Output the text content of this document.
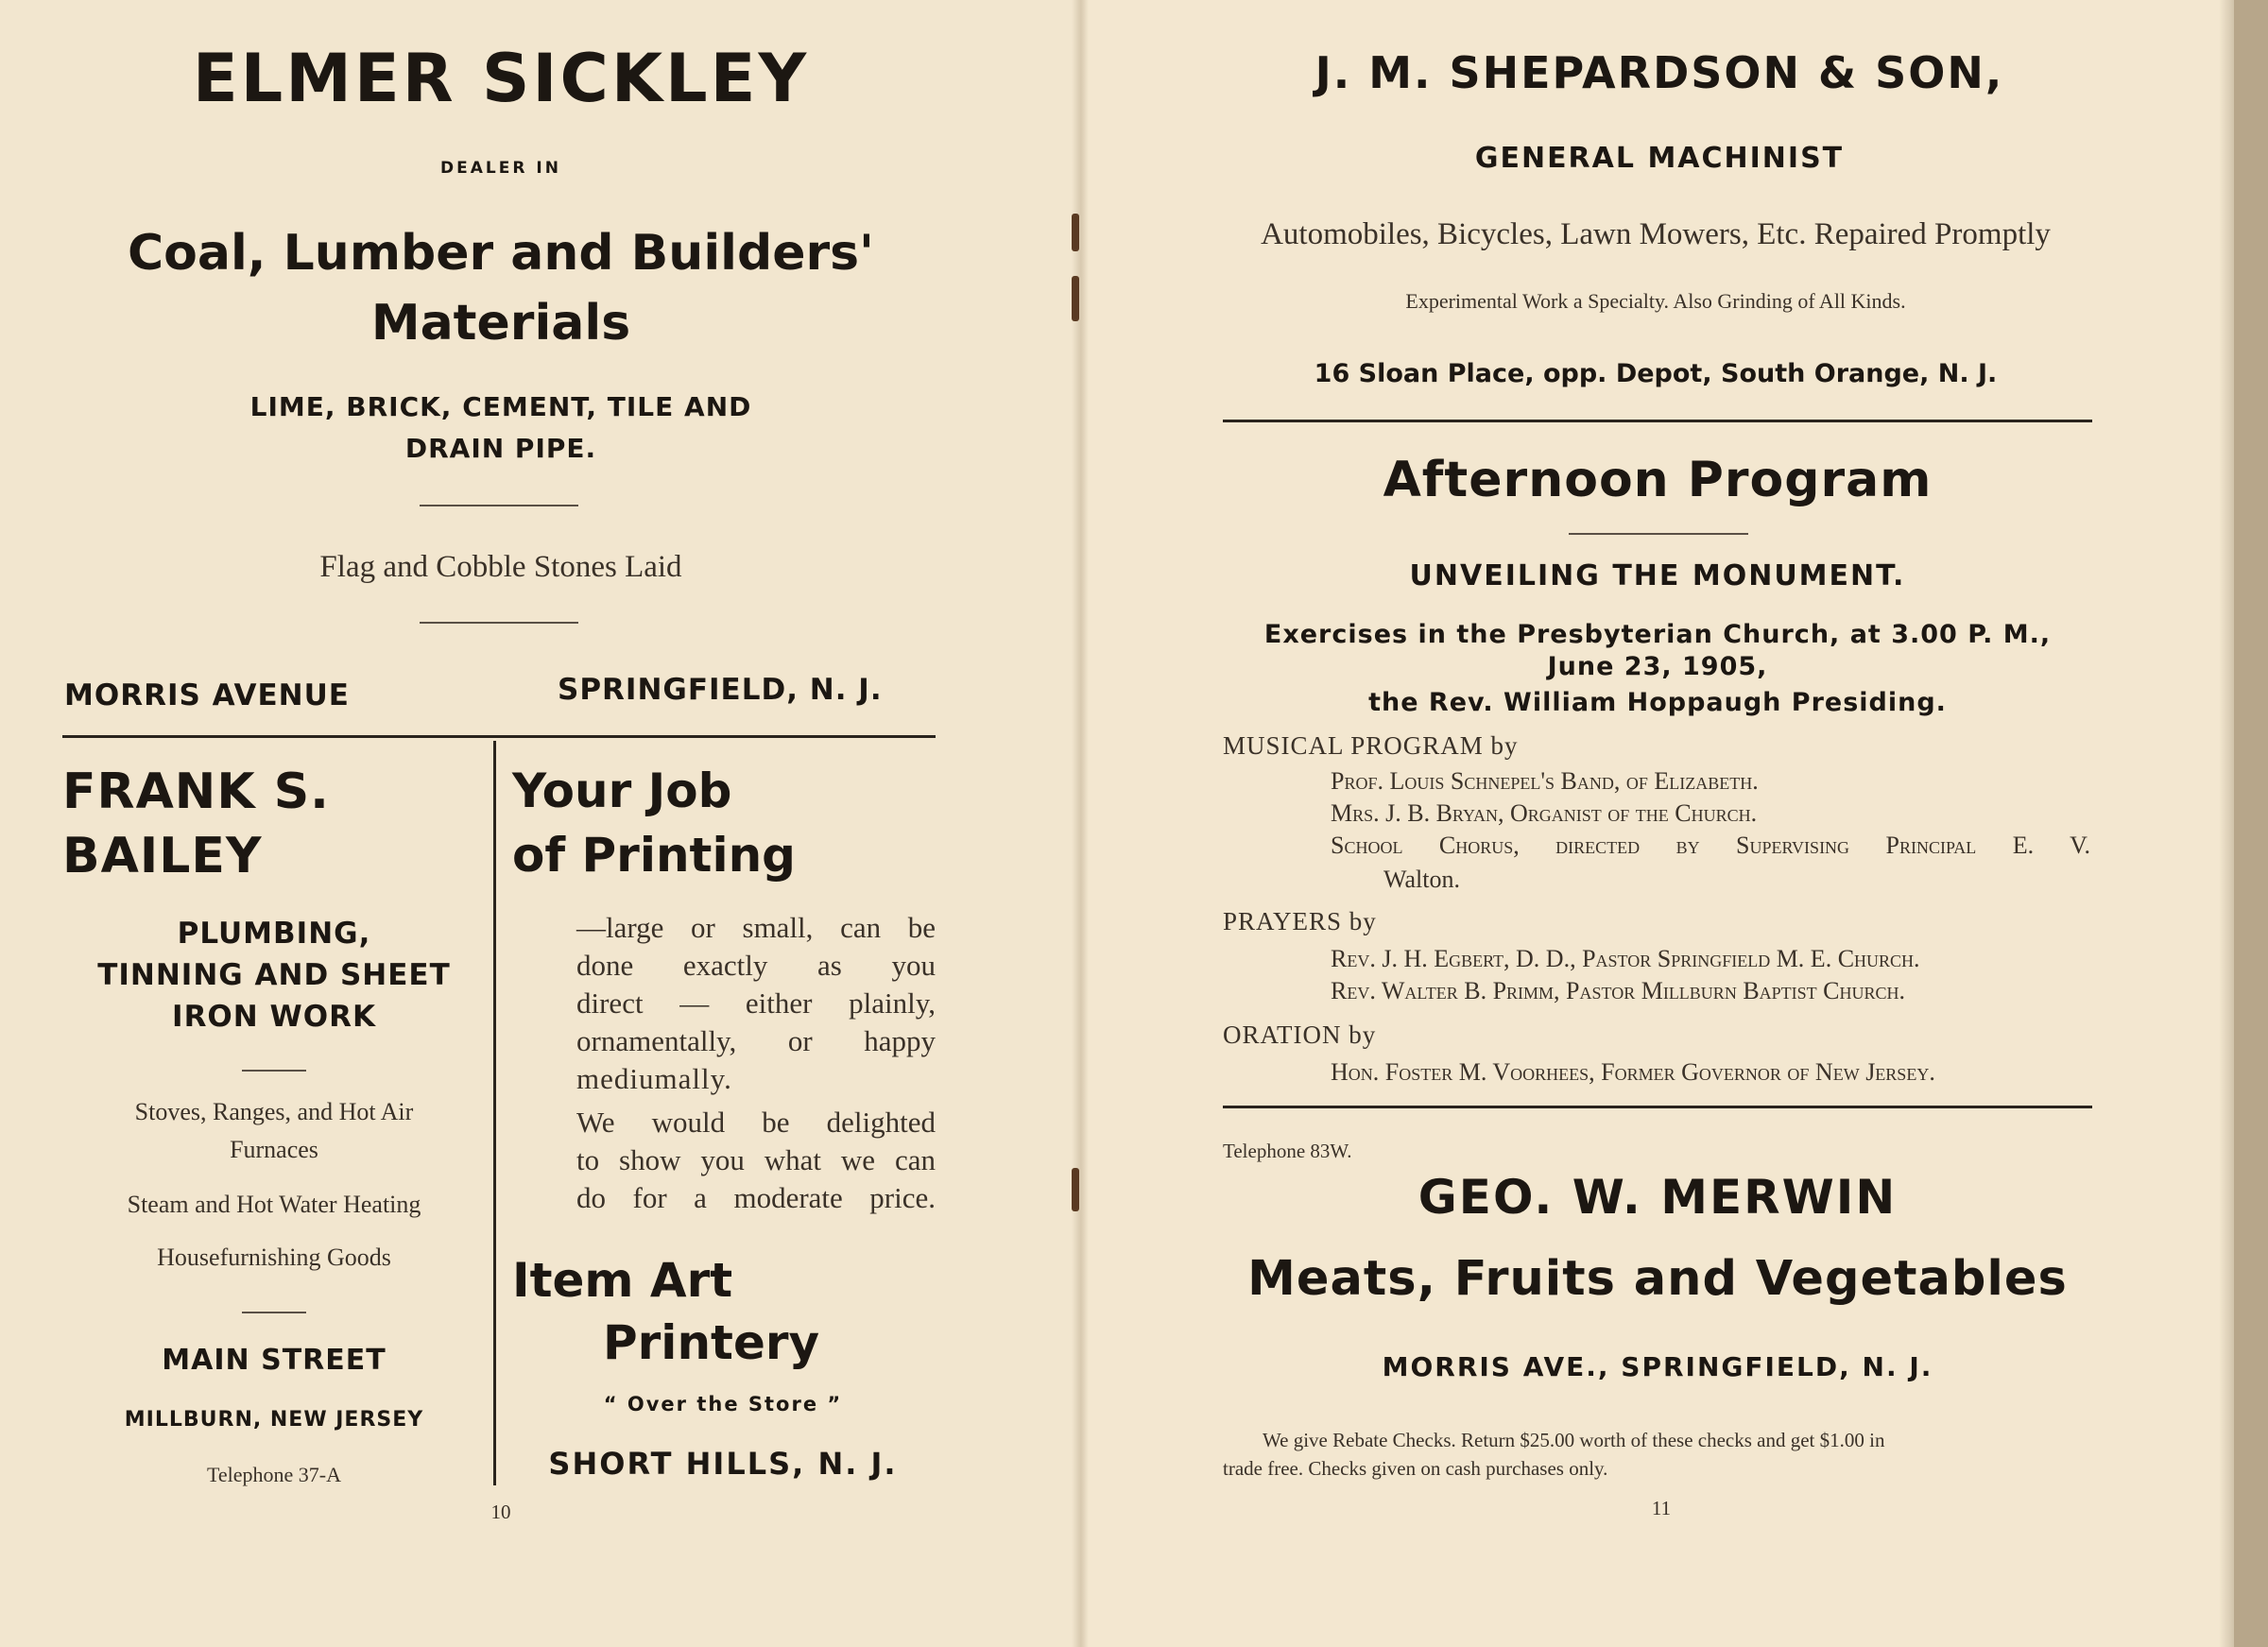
ELMER SICKLEY
DEALER IN
Coal, Lumber and Builders'
Materials
LIME, BRICK, CEMENT, TILE AND
DRAIN PIPE.
Flag and Cobble Stones Laid
MORRIS AVENUE	SPRINGFIELD, N. J.
FRANK S.
BAILEY
PLUMBING,
TINNING AND SHEET
IRON WORK
Stoves, Ranges, and Hot Air
Furnaces
Steam and Hot Water Heating
Housefurnishing Goods
MAIN STREET
MILLBURN, NEW JERSEY
Telephone 37-A
Your Job
of Printing
—large or small, can be
done exactly as you
direct — either plainly,
ornamentally, or happy
mediumally.
We would be delighted
to show you what we can
do for a moderate price.
Item Art
Printery
“ Over the Store ”
SHORT HILLS, N. J.
10
J. M. SHEPARDSON & SON,
GENERAL MACHINIST
Automobiles, Bicycles, Lawn Mowers, Etc. Repaired Promptly
Experimental Work a Specialty. Also Grinding of All Kinds.
16 Sloan Place, opp. Depot, South Orange, N. J.
Afternoon Program
UNVEILING THE MONUMENT.
Exercises in the Presbyterian Church, at 3.00 P. M.,
June 23, 1905,
the Rev. William Hoppaugh Presiding.
MUSICAL PROGRAM by
Prof. Louis Schnepel's Band, of Elizabeth.
Mrs. J. B. Bryan, Organist of the Church.
School Chorus, directed by Supervising Principal E. V.
Walton.
PRAYERS by
Rev. J. H. Egbert, D. D., Pastor Springfield M. E. Church.
Rev. Walter B. Primm, Pastor Millburn Baptist Church.
ORATION by
Hon. Foster M. Voorhees, Former Governor of New Jersey.
Telephone 83W.
GEO. W. MERWIN
Meats, Fruits and Vegetables
MORRIS AVE., SPRINGFIELD, N. J.
We give Rebate Checks. Return $25.00 worth of these checks and get $1.00 in
trade free. Checks given on cash purchases only.
11
